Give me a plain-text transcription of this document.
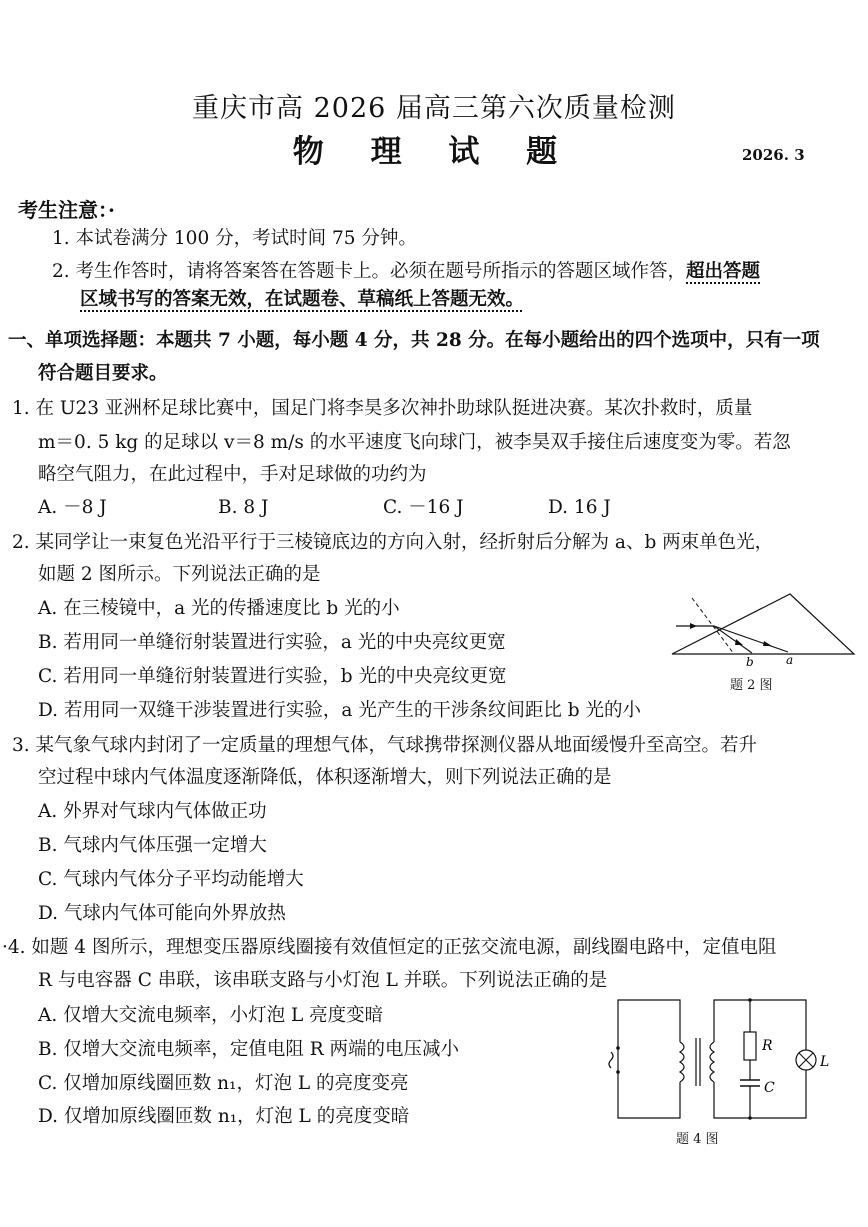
重庆市高 2026 届高三第六次质量检测
物 理 试 题	2026. 3
考生注意：·
1. 本试卷满分 100 分，考试时间 75 分钟。
2. 考生作答时，请将答案答在答题卡上。必须在题号所指示的答题区域作答，超出答题
区域书写的答案无效，在试题卷、草稿纸上答题无效。
一、单项选择题：本题共 7 小题，每小题 4 分，共 28 分。在每小题给出的四个选项中，只有一项
符合题目要求。
1. 在 U23 亚洲杯足球比赛中，国足门将李昊多次神扑助球队挺进决赛。某次扑救时，质量
m＝0. 5 kg 的足球以 v＝8 m/s 的水平速度飞向球门，被李昊双手接住后速度变为零。若忽
略空气阻力，在此过程中，手对足球做的功约为
A. －8 J	B. 8 J	C. －16 J	D. 16 J
2. 某同学让一束复色光沿平行于三棱镜底边的方向入射，经折射后分解为 a、b 两束单色光，
如题 2 图所示。下列说法正确的是
A. 在三棱镜中，a 光的传播速度比 b 光的小
B. 若用同一单缝衍射装置进行实验，a 光的中央亮纹更宽
C. 若用同一单缝衍射装置进行实验，b 光的中央亮纹更宽
D. 若用同一双缝干涉装置进行实验，a 光产生的干涉条纹间距比 b 光的小
b	a
题 2 图
3. 某气象气球内封闭了一定质量的理想气体，气球携带探测仪器从地面缓慢升至高空。若升
空过程中球内气体温度逐渐降低，体积逐渐增大，则下列说法正确的是
A. 外界对气球内气体做正功
B. 气球内气体压强一定增大
C. 气球内气体分子平均动能增大
D. 气球内气体可能向外界放热
·4. 如题 4 图所示，理想变压器原线圈接有效值恒定的正弦交流电源，副线圈电路中，定值电阻
R 与电容器 C 串联，该串联支路与小灯泡 L 并联。下列说法正确的是
A. 仅增大交流电频率，小灯泡 L 亮度变暗
B. 仅增大交流电频率，定值电阻 R 两端的电压减小
C. 仅增加原线圈匝数 n₁，灯泡 L 的亮度变亮
D. 仅增加原线圈匝数 n₁，灯泡 L 的亮度变暗
R
C
L
题 4 图
